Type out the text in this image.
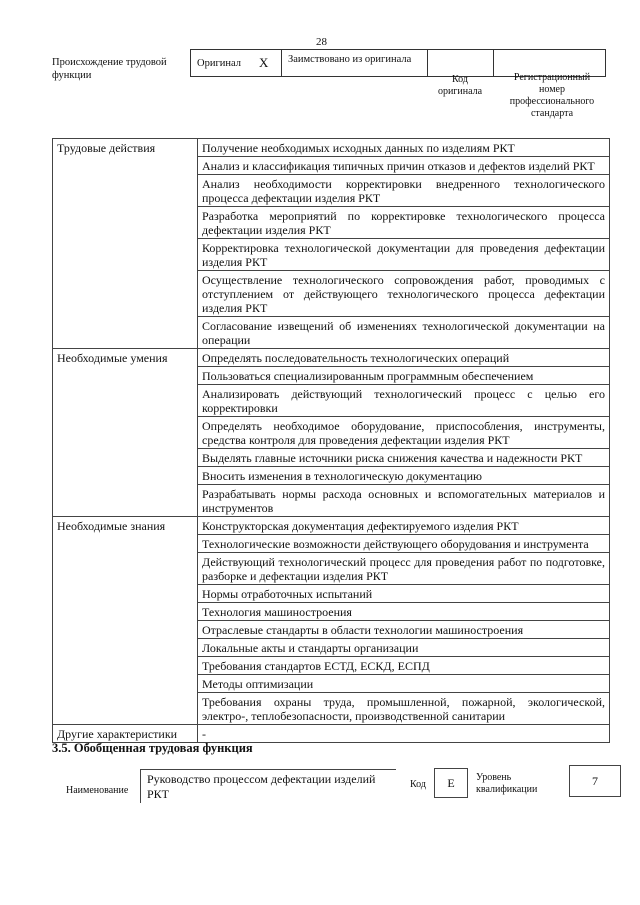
28
Происхождение трудовой функции
Оригинал	X	Заимствовано из оригинала
Код оригинала
Регистрационный номер профессионального стандарта
Трудовые действия	Получение необходимых исходных данных по изделиям РКТ
	Анализ и классификация типичных причин отказов и дефектов изделий РКТ
	Анализ необходимости корректировки внедренного технологического процесса дефектации изделия РКТ
	Разработка мероприятий по корректировке технологического процесса дефектации изделия РКТ
	Корректировка технологической документации для проведения дефектации изделия РКТ
	Осуществление технологического сопровождения работ, проводимых с отступлением от действующего технологического процесса дефектации изделия РКТ
	Согласование извещений об изменениях технологической документации на операции
Необходимые умения	Определять последовательность технологических операций
	Пользоваться специализированным программным обеспечением
	Анализировать действующий технологический процесс с целью его корректировки
	Определять необходимое оборудование, приспособления, инструменты, средства контроля для проведения дефектации изделия РКТ
	Выделять главные источники риска снижения качества и надежности РКТ
	Вносить изменения в технологическую документацию
	Разрабатывать нормы расхода основных и вспомогательных материалов и инструментов
Необходимые знания	Конструкторская документация дефектируемого изделия РКТ
	Технологические возможности действующего оборудования и инструмента
	Действующий технологический процесс для проведения работ по подготовке, разборке и дефектации изделия РКТ
	Нормы отработочных испытаний
	Технология машиностроения
	Отраслевые стандарты в области технологии машиностроения
	Локальные акты и стандарты организации
	Требования стандартов ЕСТД, ЕСКД, ЕСПД
	Методы оптимизации
	Требования охраны труда, промышленной, пожарной, экологической, электро-, теплобезопасности, производственной санитарии
Другие характеристики	-
3.5. Обобщенная трудовая функция
Наименование
Руководство процессом дефектации изделий РКТ
Код E Уровень квалификации
7
